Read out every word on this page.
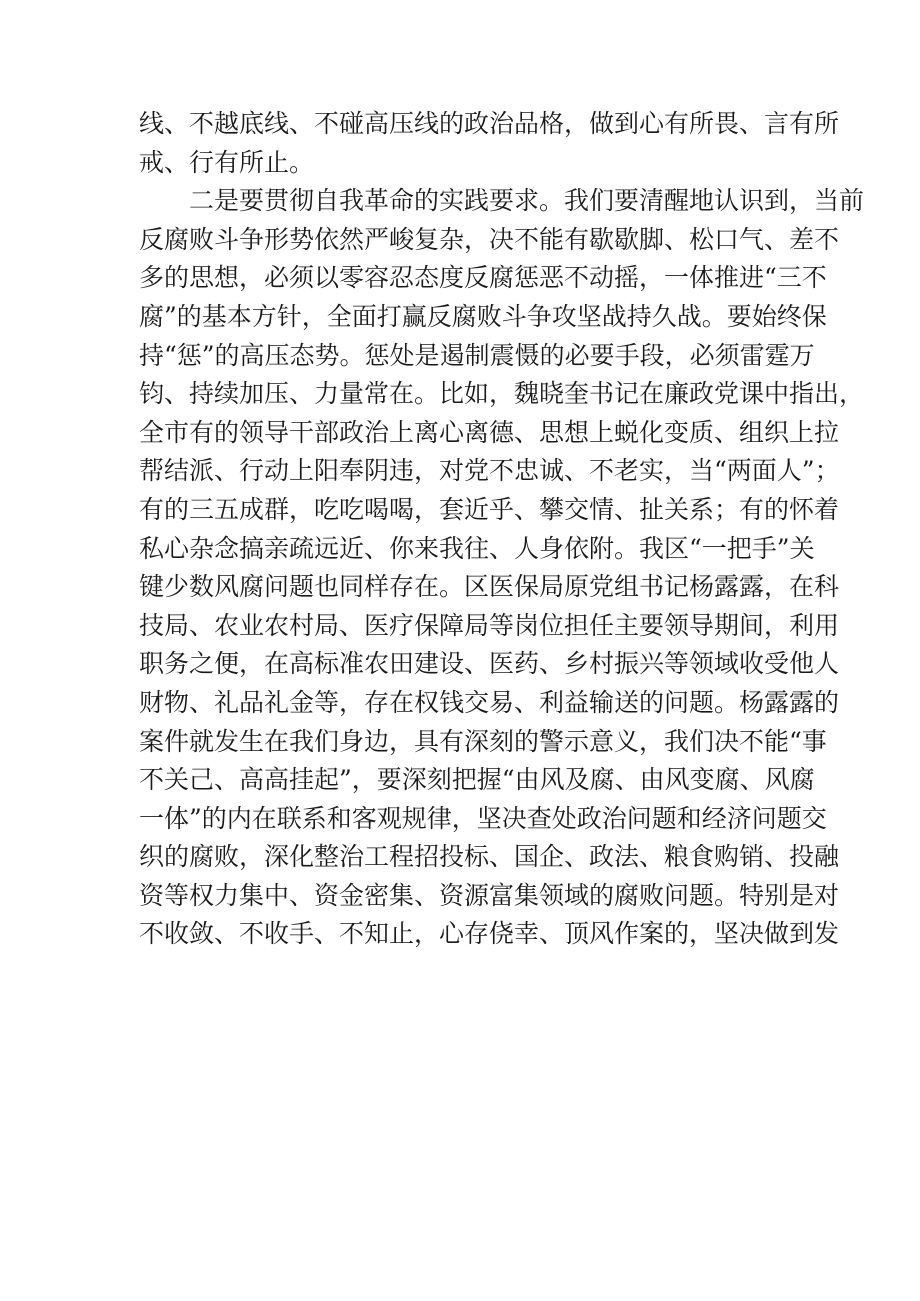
线、不越底线、不碰高压线的政治品格，做到心有所畏、言有所
戒、行有所止。
二是要贯彻自我革命的实践要求。我们要清醒地认识到，当前
反腐败斗争形势依然严峻复杂，决不能有歇歇脚、松口气、差不
多的思想，必须以零容忍态度反腐惩恶不动摇，一体推进“三不
腐”的基本方针，全面打赢反腐败斗争攻坚战持久战。要始终保
持“惩”的高压态势。惩处是遏制震慑的必要手段，必须雷霆万
钧、持续加压、力量常在。比如，魏晓奎书记在廉政党课中指出，
全市有的领导干部政治上离心离德、思想上蜕化变质、组织上拉
帮结派、行动上阳奉阴违，对党不忠诚、不老实，当“两面人”；
有的三五成群，吃吃喝喝，套近乎、攀交情、扯关系；有的怀着
私心杂念搞亲疏远近、你来我往、人身依附。我区“一把手”关
键少数风腐问题也同样存在。区医保局原党组书记杨露露，在科
技局、农业农村局、医疗保障局等岗位担任主要领导期间，利用
职务之便，在高标准农田建设、医药、乡村振兴等领域收受他人
财物、礼品礼金等，存在权钱交易、利益输送的问题。杨露露的
案件就发生在我们身边，具有深刻的警示意义，我们决不能“事
不关己、高高挂起”，要深刻把握“由风及腐、由风变腐、风腐
一体”的内在联系和客观规律，坚决查处政治问题和经济问题交
织的腐败，深化整治工程招投标、国企、政法、粮食购销、投融
资等权力集中、资金密集、资源富集领域的腐败问题。特别是对
不收敛、不收手、不知止，心存侥幸、顶风作案的，坚决做到发
